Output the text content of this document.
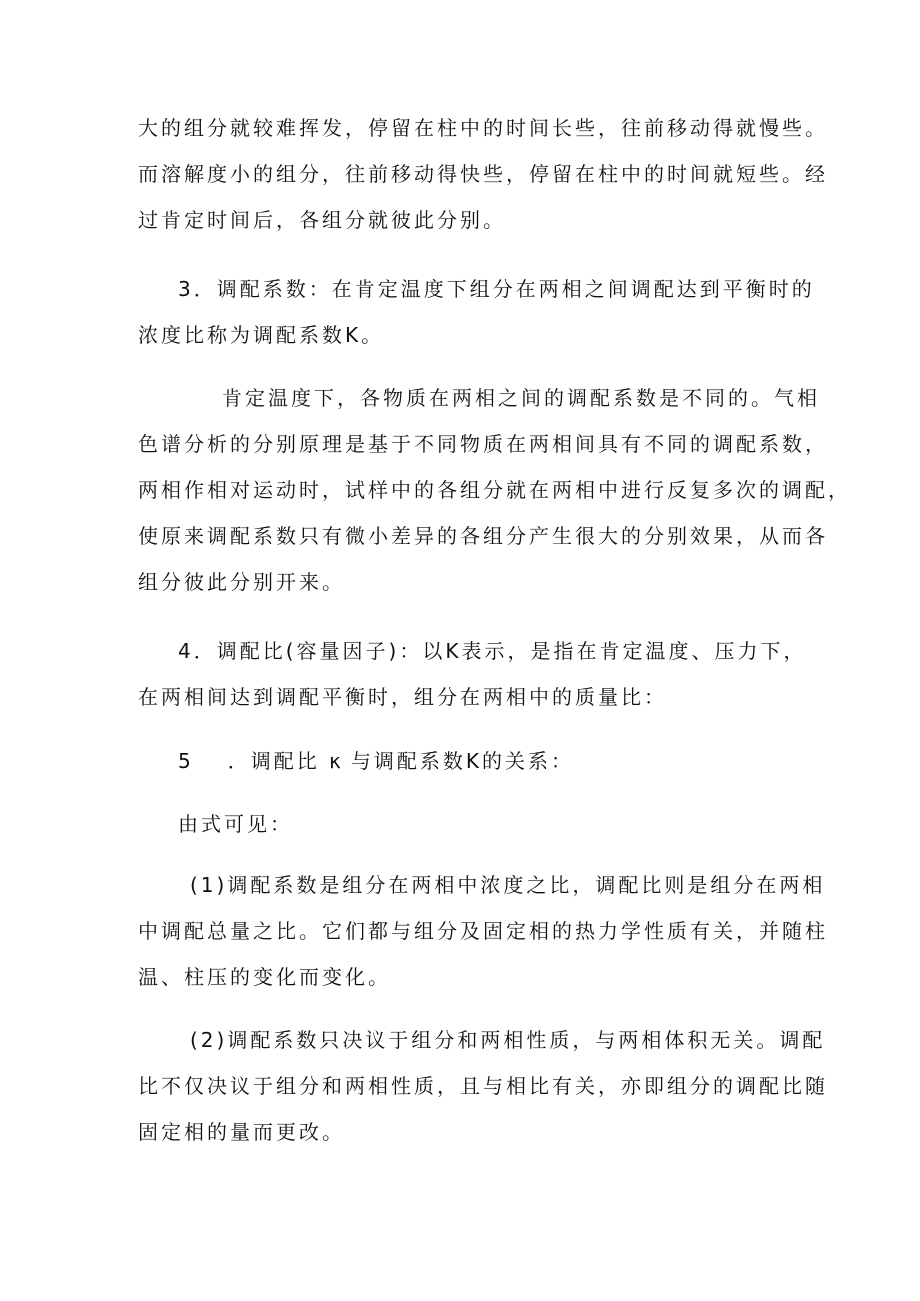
大的组分就较难挥发，停留在柱中的时间长些，往前移动得就慢些。
而溶解度小的组分，往前移动得快些，停留在柱中的时间就短些。经
过肯定时间后，各组分就彼此分别。
3．调配系数：在肯定温度下组分在两相之间调配达到平衡时的
浓度比称为调配系数K。
肯定温度下，各物质在两相之间的调配系数是不同的。气相
色谱分析的分别原理是基于不同物质在两相间具有不同的调配系数，
两相作相对运动时，试样中的各组分就在两相中进行反复多次的调配，
使原来调配系数只有微小差异的各组分产生很大的分别效果，从而各
组分彼此分别开来。
4．调配比(容量因子)：以K表示，是指在肯定温度、压力下，
在两相间达到调配平衡时，组分在两相中的质量比：
5 ．调配比 κ与调配系数K的关系：
由式可见：
(1)调配系数是组分在两相中浓度之比，调配比则是组分在两相
中调配总量之比。它们都与组分及固定相的热力学性质有关，并随柱
温、柱压的变化而变化。
(2)调配系数只决议于组分和两相性质，与两相体积无关。调配
比不仅决议于组分和两相性质，且与相比有关，亦即组分的调配比随
固定相的量而更改。
